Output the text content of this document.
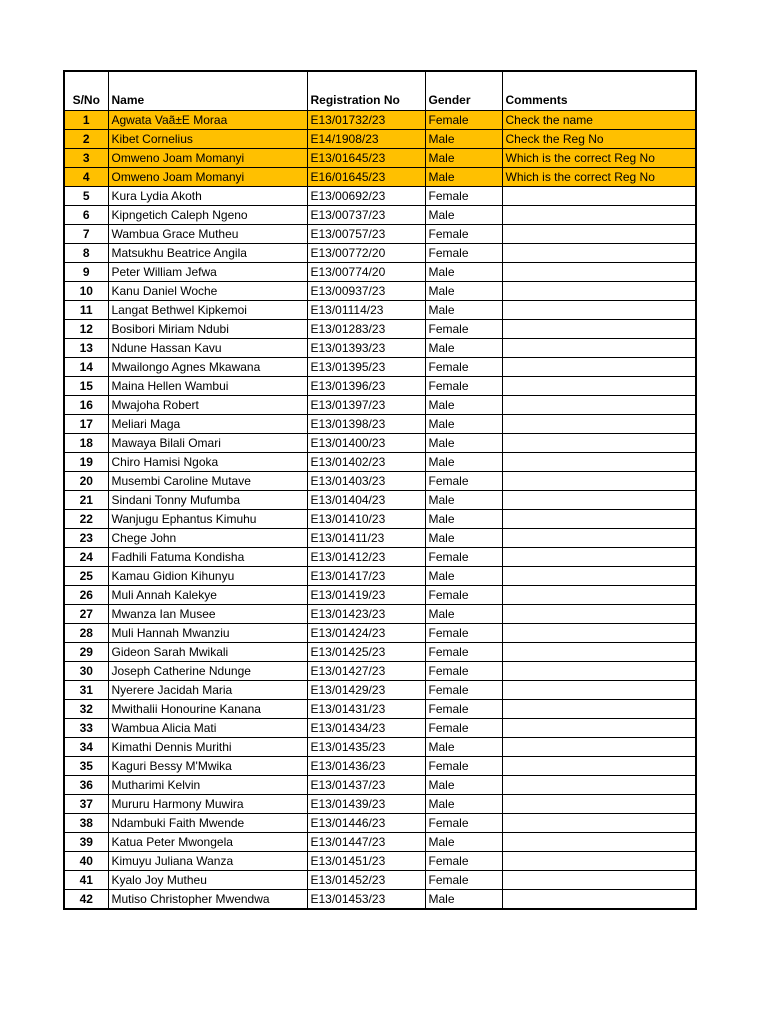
S/No	Name	Registration No	Gender	Comments
1	Agwata Vaã±E Moraa	E13/01732/23	Female	Check the name
2	Kibet Cornelius	E14/1908/23	Male	Check the Reg No
3	Omweno Joam Momanyi	E13/01645/23	Male	Which is the correct Reg No
4	Omweno Joam Momanyi	E16/01645/23	Male	Which is the correct Reg No
5	Kura Lydia Akoth	E13/00692/23	Female	
6	Kipngetich Caleph Ngeno	E13/00737/23	Male	
7	Wambua Grace Mutheu	E13/00757/23	Female	
8	Matsukhu Beatrice Angila	E13/00772/20	Female	
9	Peter William Jefwa	E13/00774/20	Male	
10	Kanu Daniel Woche	E13/00937/23	Male	
11	Langat Bethwel Kipkemoi	E13/01114/23	Male	
12	Bosibori Miriam Ndubi	E13/01283/23	Female	
13	Ndune Hassan Kavu	E13/01393/23	Male	
14	Mwailongo Agnes Mkawana	E13/01395/23	Female	
15	Maina Hellen Wambui	E13/01396/23	Female	
16	Mwajoha Robert	E13/01397/23	Male	
17	Meliari Maga	E13/01398/23	Male	
18	Mawaya Bilali Omari	E13/01400/23	Male	
19	Chiro Hamisi Ngoka	E13/01402/23	Male	
20	Musembi Caroline Mutave	E13/01403/23	Female	
21	Sindani Tonny Mufumba	E13/01404/23	Male	
22	Wanjugu Ephantus Kimuhu	E13/01410/23	Male	
23	Chege John	E13/01411/23	Male	
24	Fadhili Fatuma Kondisha	E13/01412/23	Female	
25	Kamau Gidion Kihunyu	E13/01417/23	Male	
26	Muli Annah Kalekye	E13/01419/23	Female	
27	Mwanza Ian Musee	E13/01423/23	Male	
28	Muli Hannah Mwanziu	E13/01424/23	Female	
29	Gideon Sarah Mwikali	E13/01425/23	Female	
30	Joseph Catherine Ndunge	E13/01427/23	Female	
31	Nyerere Jacidah Maria	E13/01429/23	Female	
32	Mwithalii Honourine Kanana	E13/01431/23	Female	
33	Wambua Alicia Mati	E13/01434/23	Female	
34	Kimathi Dennis Murithi	E13/01435/23	Male	
35	Kaguri Bessy M'Mwika	E13/01436/23	Female	
36	Mutharimi Kelvin	E13/01437/23	Male	
37	Mururu Harmony Muwira	E13/01439/23	Male	
38	Ndambuki Faith Mwende	E13/01446/23	Female	
39	Katua Peter Mwongela	E13/01447/23	Male	
40	Kimuyu Juliana Wanza	E13/01451/23	Female	
41	Kyalo Joy Mutheu	E13/01452/23	Female	
42	Mutiso Christopher Mwendwa	E13/01453/23	Male	
